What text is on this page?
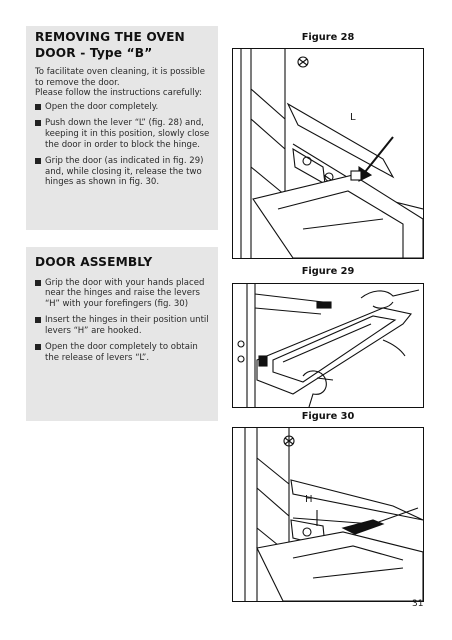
REMOVING THE OVEN
DOOR - Type “B”

To facilitate oven cleaning, it is possible to remove the door.

Please follow the instructions carefully:

Open the door completely.
Push down the lever “L” (fig. 28) and, keeping it in this position, slowly close the door in order to block the hinge.
Grip the door (as indicated in fig. 29) and, while closing it, release the two hinges as shown in fig. 30.

DOOR ASSEMBLY

Grip the door with your hands placed near the hinges and raise the levers “H” with your forefingers (fig. 30)
Insert the hinges in their position until levers “H” are hooked.
Open the door completely to obtain the release of levers “L”.
Figure 28
L
Figure 29
Figure 30
H
31
